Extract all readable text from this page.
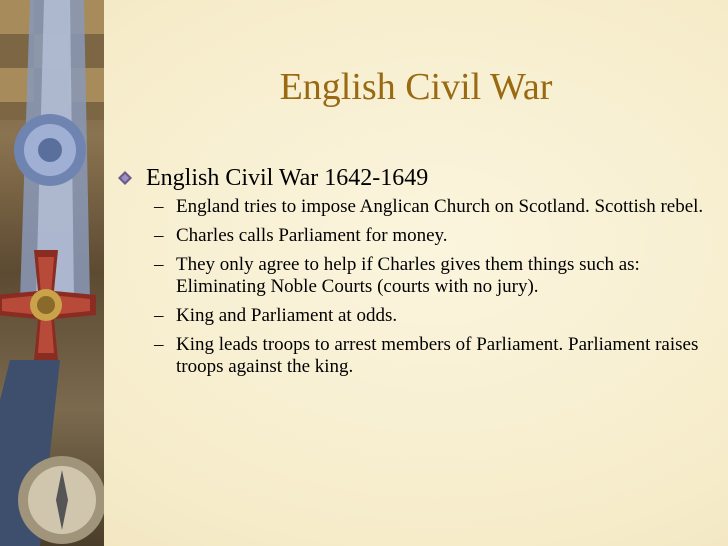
English Civil War
English Civil War 1642-1649
– England tries to impose Anglican Church on Scotland. Scottish rebel.
– Charles calls Parliament for money.
– They only agree to help if Charles gives them things such as: Eliminating Noble Courts (courts with no jury).
– King and Parliament at odds.
– King leads troops to arrest members of Parliament. Parliament raises troops against the king.
